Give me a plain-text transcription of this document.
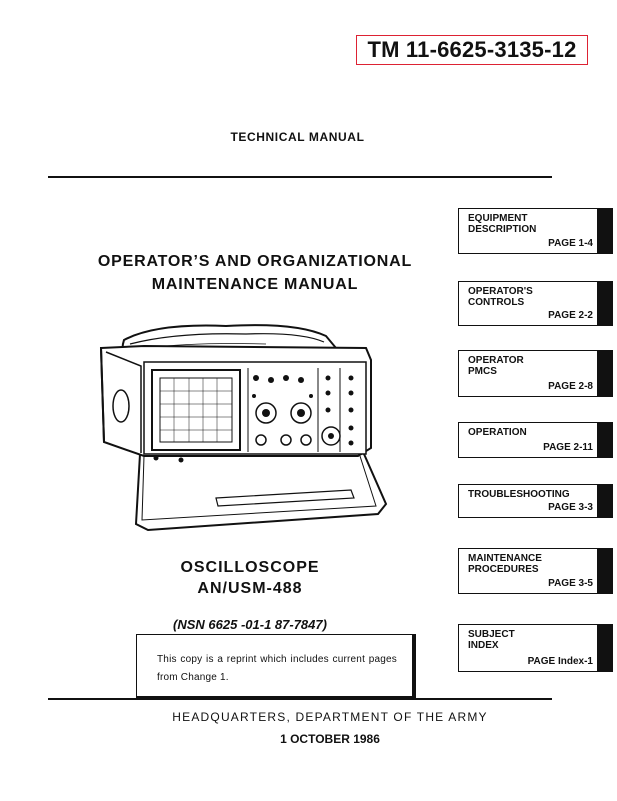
TM 11-6625-3135-12
TECHNICAL MANUAL
OPERATOR’S AND ORGANIZATIONAL
MAINTENANCE MANUAL
OSCILLOSCOPE
AN/USM-488
(NSN 6625 -01-1 87-7847)
This copy is a reprint which includes current pages from Change 1.
HEADQUARTERS, DEPARTMENT OF THE ARMY
1 OCTOBER 1986
EQUIPMENT
DESCRIPTION
PAGE 1-4
OPERATOR'S
CONTROLS
PAGE 2-2
OPERATOR
PMCS
PAGE 2-8
OPERATION
PAGE 2-11
TROUBLESHOOTING
PAGE 3-3
MAINTENANCE
PROCEDURES
PAGE 3-5
SUBJECT
INDEX
PAGE Index-1
